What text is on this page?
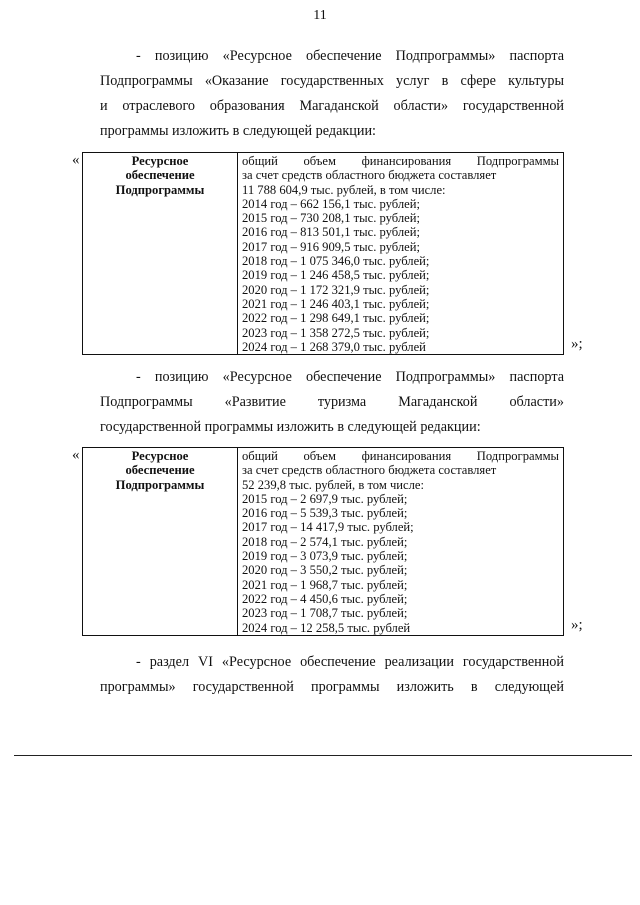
11
- позицию «Ресурсное обеспечение Подпрограммы» паспорта
Подпрограммы «Оказание государственных услуг в сфере культуры
и отраслевого образования Магаданской области» государственной
программы изложить в следующей редакции:
«	Ресурсное
обеспечение
Подпрограммы

общий объем финансирования Подпрограммы
за счет средств областного бюджета составляет
11 788 604,9 тыс. рублей, в том числе:
2014 год – 662 156,1 тыс. рублей;
2015 год – 730 208,1 тыс. рублей;
2016 год – 813 501,1 тыс. рублей;
2017 год – 916 909,5 тыс. рублей;
2018 год – 1 075 346,0 тыс. рублей;
2019 год – 1 246 458,5 тыс. рублей;
2020 год – 1 172 321,9 тыс. рублей;
2021 год – 1 246 403,1 тыс. рублей;
2022 год – 1 298 649,1 тыс. рублей;
2023 год – 1 358 272,5 тыс. рублей;
2024 год – 1 268 379,0 тыс. рублей	»;
- позицию «Ресурсное обеспечение Подпрограммы» паспорта
Подпрограммы «Развитие туризма Магаданской области»
государственной программы изложить в следующей редакции:
«	Ресурсное
обеспечение
Подпрограммы

общий объем финансирования Подпрограммы
за счет средств областного бюджета составляет
52 239,8 тыс. рублей, в том числе:
2015 год – 2 697,9 тыс. рублей;
2016 год – 5 539,3 тыс. рублей;
2017 год – 14 417,9 тыс. рублей;
2018 год – 2 574,1 тыс. рублей;
2019 год – 3 073,9 тыс. рублей;
2020 год – 3 550,2 тыс. рублей;
2021 год – 1 968,7 тыс. рублей;
2022 год – 4 450,6 тыс. рублей;
2023 год – 1 708,7 тыс. рублей;
2024 год – 12 258,5 тыс. рублей	»;
- раздел VI «Ресурсное обеспечение реализации государственной
программы» государственной программы изложить в следующей
